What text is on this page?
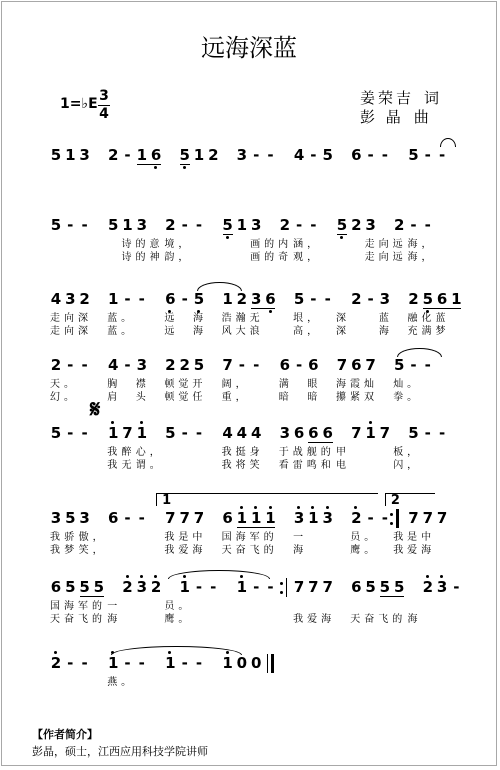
远海深蓝
1=♭E 3
4
姜荣吉 词
彭 晶 曲
5 1 3 2 - 1 6 5 1 2 3 - - 4 - 5 6 - - 5 - -
5 - - 5 1 3 2 - - 5 1 3 2 - - 5 2 3 2 - -
诗的意 境，	画的内 涵，	走向远 海，
诗的神 韵，	画的奇 观，	走向远 海，
4 3 2 1 - - 6 - 5 1 2 3 6 5 - - 2 - 3 2 5 6 1
走向深 蓝。	远 海 浩瀚无	垠， 深	蓝 融化蓝
走向深 蓝。	远 海 风大浪	高， 深	海 充满梦
2 - - 4 - 3 2 2 5 7 - - 6 - 6 7 6 7 5 - -
天。	胸 襟 顿觉开 阔，	满 眼 海霞灿 灿。
幻。	肩 头 顿觉任 重，	暗 暗 攥紧双 拳。
5 - - 1 7 1 5 - - 4 4 4 3 6 6 6 7 1 7 5 - -
我 醉 心，	我挺身 于战舰的 甲	板，
我 无 谓。	我将笑 看雷鸣和 电	闪，
3 5 3 6 - - 7 7 7 6 1 1 1 3 1 3 2 - - 7 7 7
1	2
我 骄 傲，	我是中 国海军的 一	员。 我是中
我 梦 笑，	我爱海 天奋飞的 海	鹰。 我爱海
6 5 5 5 2 3 2 1 - - 1 - - 7 7 7 6 5 5 5 2 3 -
国海军的 一	员。
天奋飞的 海	鹰。	我爱海 天奋飞的 海
2 - - 1 - - 1 - - 1 0 0
燕。
𝄋
【作者简介】
彭晶，硕士，江西应用科技学院讲师
